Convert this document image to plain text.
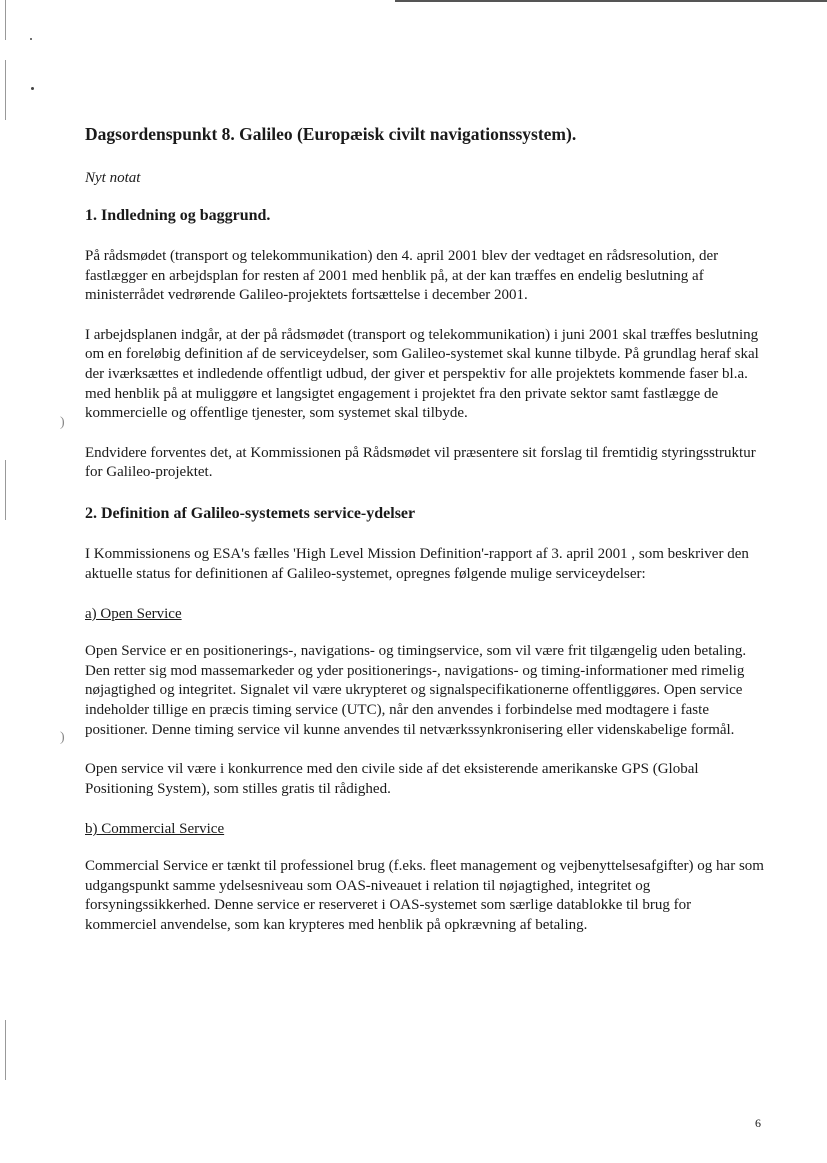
)
)
Dagsordenspunkt 8. Galileo (Europæisk civilt navigationssystem).
Nyt notat
1. Indledning og baggrund.

På rådsmødet (transport og telekommunikation) den 4. april 2001 blev der vedtaget en rådsresolution, der fastlægger en arbejdsplan for resten af 2001 med henblik på, at der kan træffes en endelig beslutning af ministerrådet vedrørende Galileo-projektets fortsættelse i december 2001.

I arbejdsplanen indgår, at der på rådsmødet (transport og telekommunikation) i juni 2001 skal træffes beslutning om en foreløbig definition af de serviceydelser, som Galileo-systemet skal kunne tilbyde. På grundlag heraf skal der iværksættes et indledende offentligt udbud, der giver et perspektiv for alle projektets kommende faser bl.a. med henblik på at muliggøre et langsigtet engagement i projektet fra den private sektor samt fastlægge de kommercielle og offentlige tjenester, som systemet skal tilbyde.

Endvidere forventes det, at Kommissionen på Rådsmødet vil præsentere sit forslag til fremtidig styringsstruktur for Galileo-projektet.

2. Definition af Galileo-systemets service-ydelser

I Kommissionens og ESA's fælles 'High Level Mission Definition'-rapport af 3. april 2001 , som beskriver den aktuelle status for definitionen af Galileo-systemet, opregnes følgende mulige serviceydelser:

a) Open Service

Open Service er en positionerings-, navigations- og timingservice, som vil være frit tilgængelig uden betaling. Den retter sig mod massemarkeder og yder positionerings-, navigations- og timing-informationer med rimelig nøjagtighed og integritet. Signalet vil være ukrypteret og signalspecifikationerne offentliggøres. Open service indeholder tillige en præcis timing service (UTC), når den anvendes i forbindelse med modtagere i faste positioner. Denne timing service vil kunne anvendes til netværkssynkronisering eller videnskabelige formål.

Open service vil være i konkurrence med den civile side af det eksisterende amerikanske GPS (Global Positioning System), som stilles gratis til rådighed.

b) Commercial Service

Commercial Service er tænkt til professionel brug (f.eks. fleet management og vejbenyttelsesafgifter) og har som udgangspunkt samme ydelsesniveau som OAS-niveauet i relation til nøjagtighed, integritet og forsyningssikkerhed. Denne service er reserveret i OAS-systemet som særlige datablokke til brug for kommerciel anvendelse, som kan krypteres med henblik på opkrævning af betaling.

6
